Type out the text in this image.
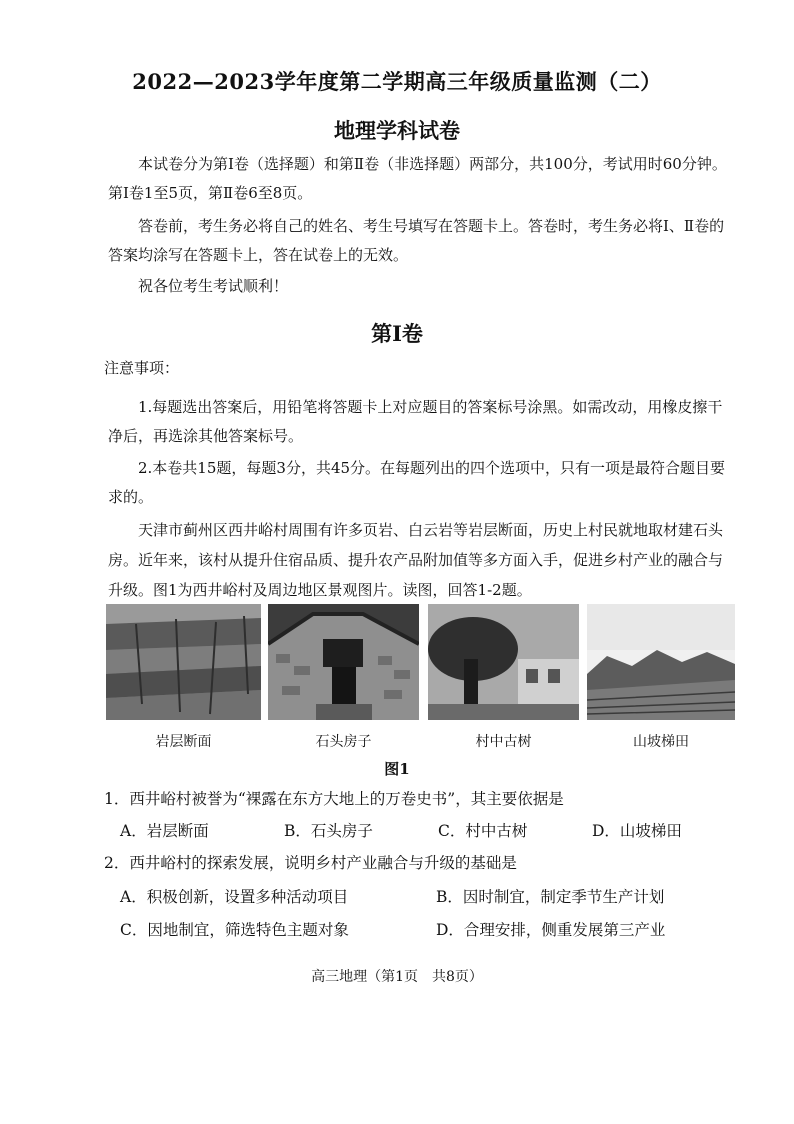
2022—2023学年度第二学期高三年级质量监测（二）
地理学科试卷
本试卷分为第Ⅰ卷（选择题）和第Ⅱ卷（非选择题）两部分，共100分，考试用时60分钟。第Ⅰ卷1至5页，第Ⅱ卷6至8页。
答卷前，考生务必将自己的姓名、考生号填写在答题卡上。答卷时，考生务必将Ⅰ、Ⅱ卷的答案均涂写在答题卡上，答在试卷上的无效。
祝各位考生考试顺利！
第Ⅰ卷
注意事项：
1.每题选出答案后，用铅笔将答题卡上对应题目的答案标号涂黑。如需改动，用橡皮擦干净后，再选涂其他答案标号。
2.本卷共15题，每题3分，共45分。在每题列出的四个选项中，只有一项是最符合题目要求的。
天津市蓟州区西井峪村周围有许多页岩、白云岩等岩层断面，历史上村民就地取材建石头房。近年来，该村从提升住宿品质、提升农产品附加值等多方面入手，促进乡村产业的融合与升级。图1为西井峪村及周边地区景观图片。读图，回答1-2题。
岩层断面	石头房子	村中古树	山坡梯田
图1
1．西井峪村被誉为“裸露在东方大地上的万卷史书”，其主要依据是
A．岩层断面	B．石头房子	C．村中古树	D．山坡梯田
2．西井峪村的探索发展，说明乡村产业融合与升级的基础是
A．积极创新，设置多种活动项目	B．因时制宜，制定季节生产计划
C．因地制宜，筛选特色主题对象	D．合理安排，侧重发展第三产业
高三地理（第1页　共8页）
